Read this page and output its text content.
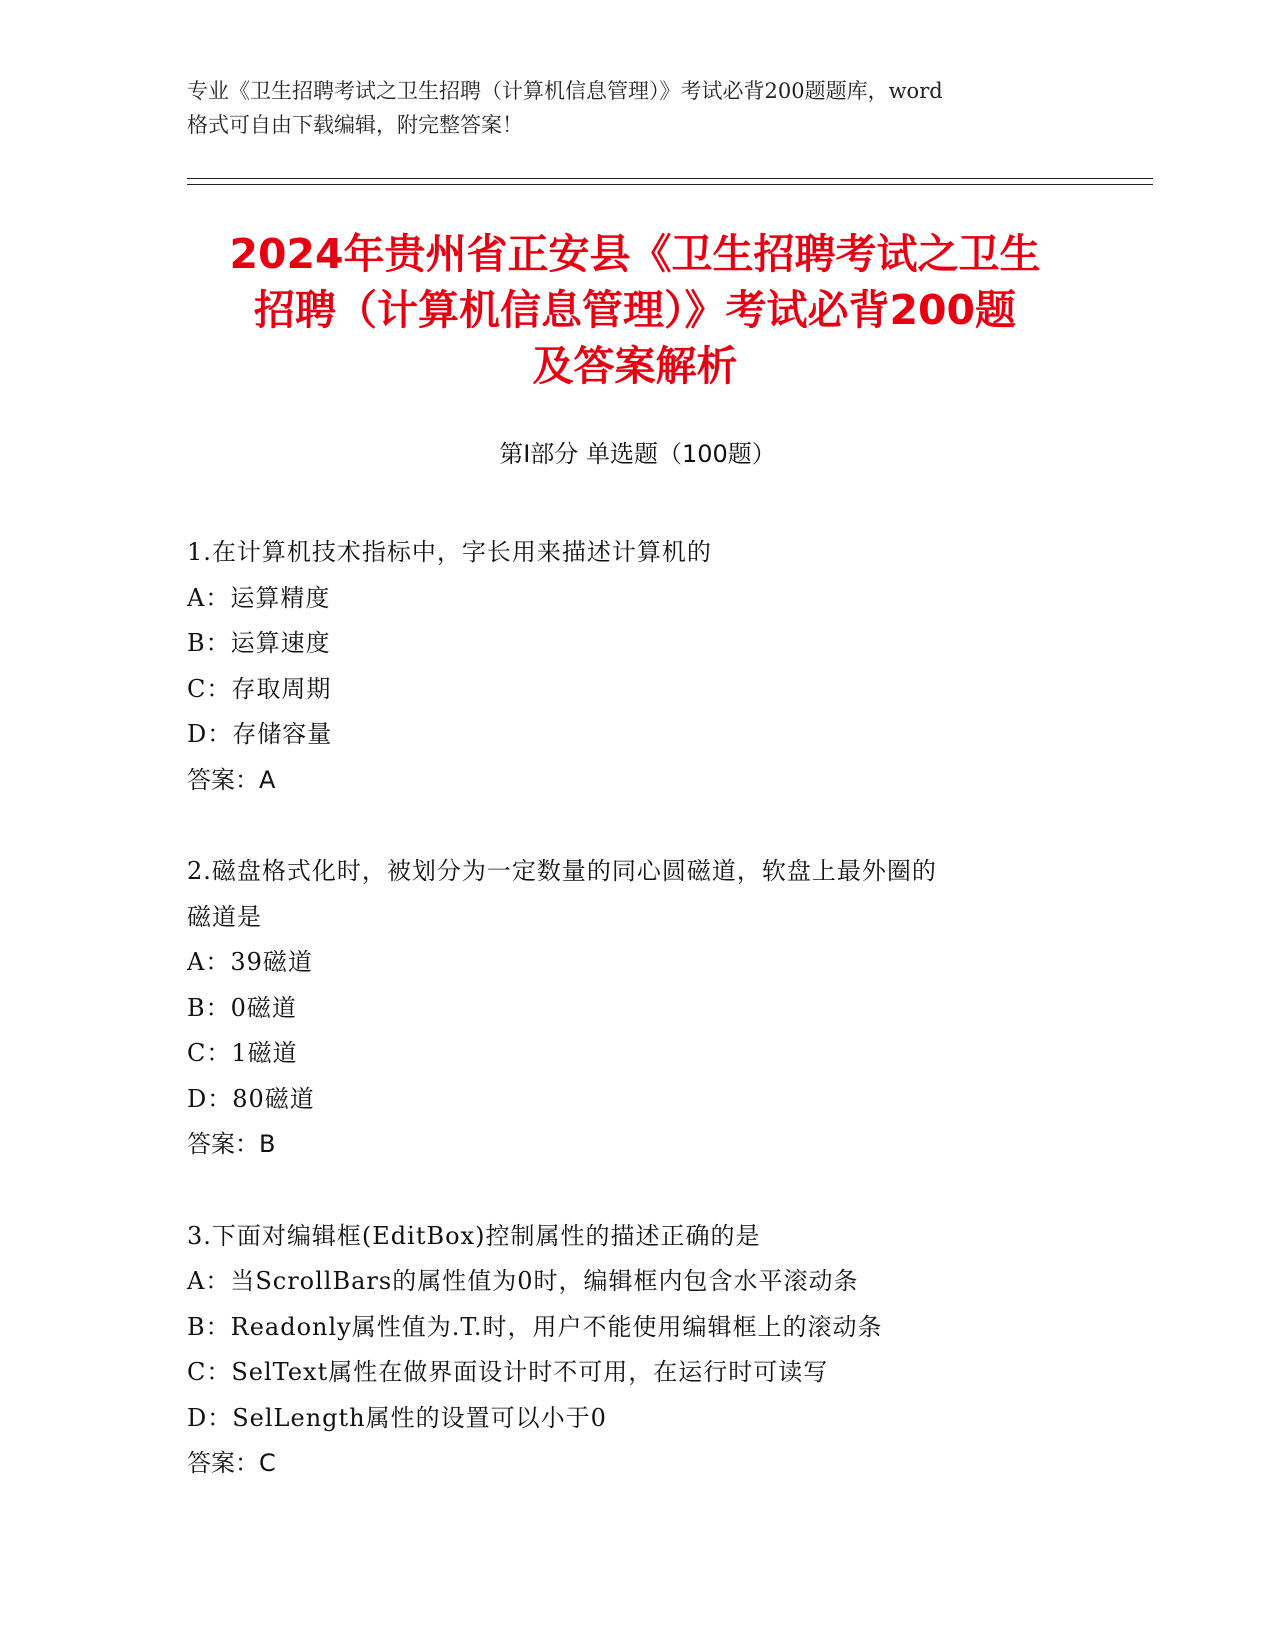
专业《卫生招聘考试之卫生招聘（计算机信息管理）》考试必背200题题库，word
格式可自由下载编辑，附完整答案！
2024年贵州省正安县《卫生招聘考试之卫生
招聘（计算机信息管理）》考试必背200题
及答案解析
第I部分 单选题（100题）
1.在计算机技术指标中，字长用来描述计算机的
A：运算精度
B：运算速度
C：存取周期
D：存储容量
答案：A
2.磁盘格式化时，被划分为一定数量的同心圆磁道，软盘上最外圈的
磁道是
A：39磁道
B：0磁道
C：1磁道
D：80磁道
答案：B
3.下面对编辑框(EditBox)控制属性的描述正确的是
A：当ScrollBars的属性值为0时，编辑框内包含水平滚动条
B：Readonly属性值为.T.时，用户不能使用编辑框上的滚动条
C：SelText属性在做界面设计时不可用，在运行时可读写
D：SelLength属性的设置可以小于0
答案：C
